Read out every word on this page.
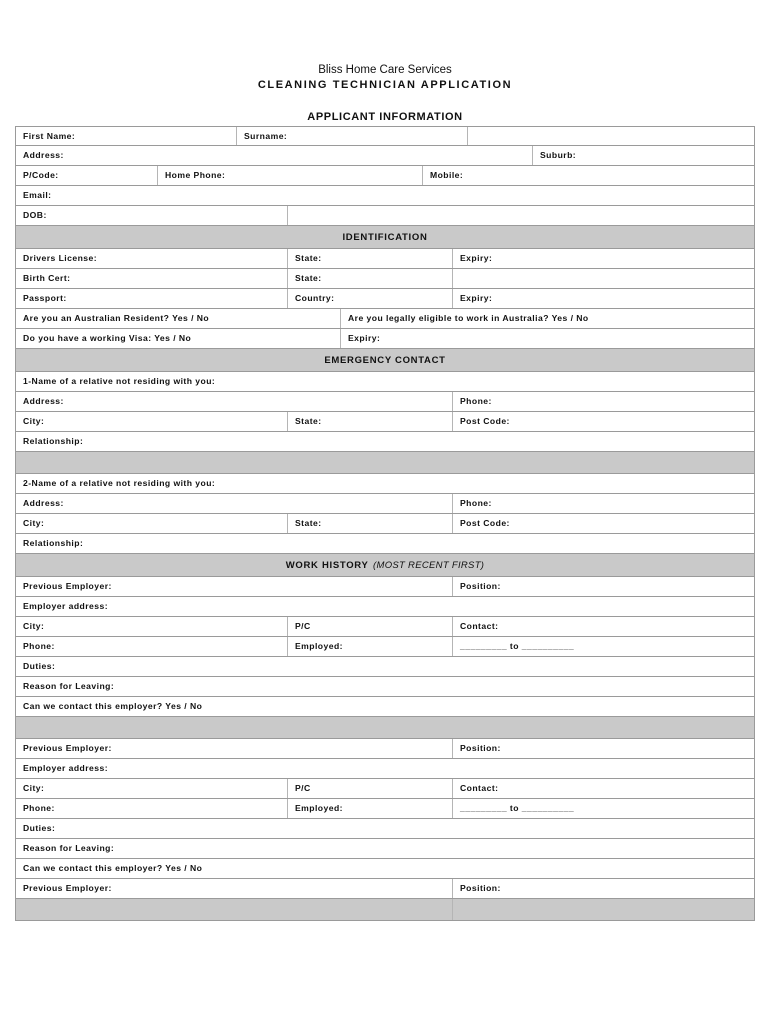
Bliss Home Care Services
CLEANING TECHNICIAN APPLICATION
APPLICANT INFORMATION
First Name:	Surname:
Address:	Suburb:
P/Code:	Home Phone:	Mobile:
Email:
DOB:
IDENTIFICATION
Drivers License:	State:	Expiry:
Birth Cert:	State:
Passport:	Country:	Expiry:
Are you an Australian Resident? Yes / No	Are you legally eligible to work in Australia? Yes / No
Do you have a working Visa: Yes / No	Expiry:
EMERGENCY CONTACT
1-Name of a relative not residing with you:
Address:	Phone:
City:	State:	Post Code:
Relationship:
2-Name of a relative not residing with you:
Address:	Phone:
City:	State:	Post Code:
Relationship:
WORK HISTORY
(MOST RECENT FIRST)
Previous Employer:	Position:
Employer address:
City:	P/C	Contact:
Phone:	Employed:	_________ to __________
Duties:
Reason for Leaving:
Can we contact this employer? Yes / No
Previous Employer:	Position:
Employer address:
City:	P/C	Contact:
Phone:	Employed:	_________ to __________
Duties:
Reason for Leaving:
Can we contact this employer? Yes / No
Previous Employer:	Position:
